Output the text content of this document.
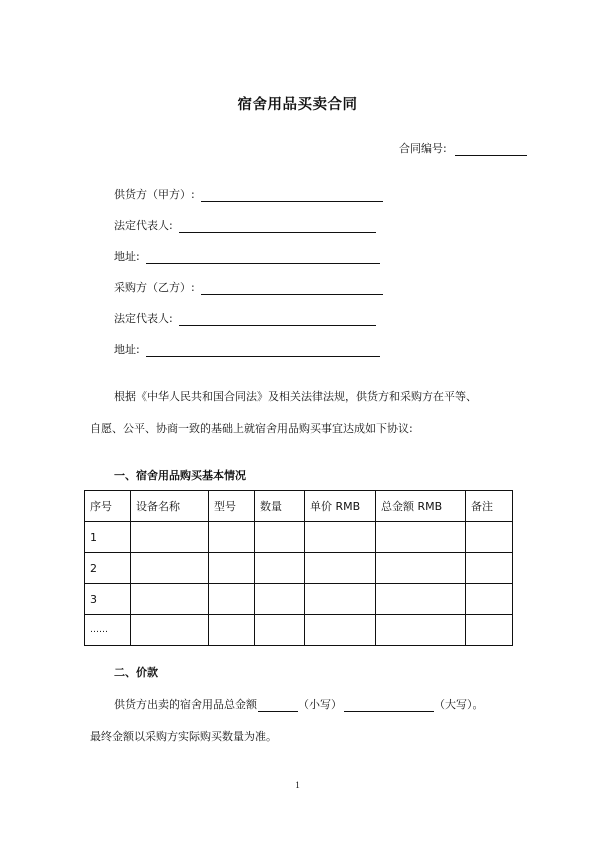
宿舍用品买卖合同
合同编号:
供货方（甲方）:
法定代表人:
地址:
采购方（乙方）:
法定代表人:
地址:
根据《中华人民共和国合同法》及相关法律法规，供货方和采购方在平等、
自愿、公平、协商一致的基础上就宿舍用品购买事宜达成如下协议:
一、宿舍用品购买基本情况
序号	设备名称	型号	数量	单价 RMB	总金额 RMB	备注
1						
2						
3						
……						
二、价款
供货方出卖的宿舍用品总金额	（小写）	（大写）。
最终金额以采购方实际购买数量为准。
1
